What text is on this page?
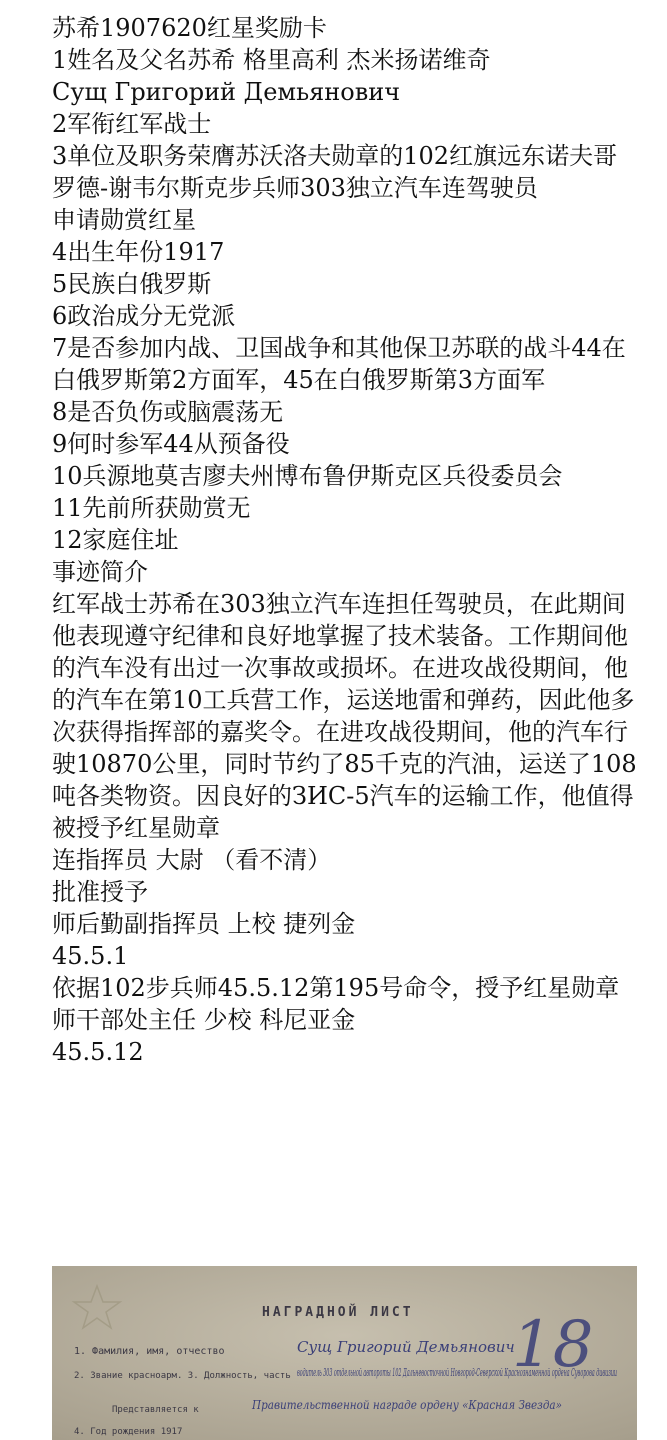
苏希1907620红星奖励卡

1姓名及父名苏希 格里高利 杰米扬诺维奇

Сущ Григорий Демьянович

2军衔红军战士

3单位及职务荣膺苏沃洛夫勋章的102红旗远东诺夫哥罗德-谢韦尔斯克步兵师303独立汽车连驾驶员

申请勋赏红星

4出生年份1917

5民族白俄罗斯

6政治成分无党派

7是否参加内战、卫国战争和其他保卫苏联的战斗44在白俄罗斯第2方面军，45在白俄罗斯第3方面军

8是否负伤或脑震荡无

9何时参军44从预备役

10兵源地莫吉廖夫州博布鲁伊斯克区兵役委员会

11先前所获勋赏无

12家庭住址

事迹简介

红军战士苏希在303独立汽车连担任驾驶员，在此期间他表现遵守纪律和良好地掌握了技术装备。工作期间他的汽车没有出过一次事故或损坏。在进攻战役期间，他的汽车在第10工兵营工作，运送地雷和弹药，因此他多次获得指挥部的嘉奖令。在进攻战役期间，他的汽车行驶10870公里，同时节约了85千克的汽油，运送了108吨各类物资。因良好的ЗИС-5汽车的运输工作，他值得被授予红星勋章

连指挥员 大尉 （看不清）

批准授予

师后勤副指挥员 上校 捷列金

45.5.1

依据102步兵师45.5.12第195号命令，授予红星勋章

师干部处主任 少校 科尼亚金

45.5.12

НАГРАДНОЙ ЛИСТ
1. Фамилия, имя, отчество	Сущ Григорий Демьянович
2. Звание красноарм. 3. Должность, часть водитель 303 отдельной автороты 102 Дальневосточной Новгород-Северской Краснознаменной ордена Суворова дивизии
Представляется к	Правительственной награде ордену «Красная Звезда»
4. Год рождения 1917
18
